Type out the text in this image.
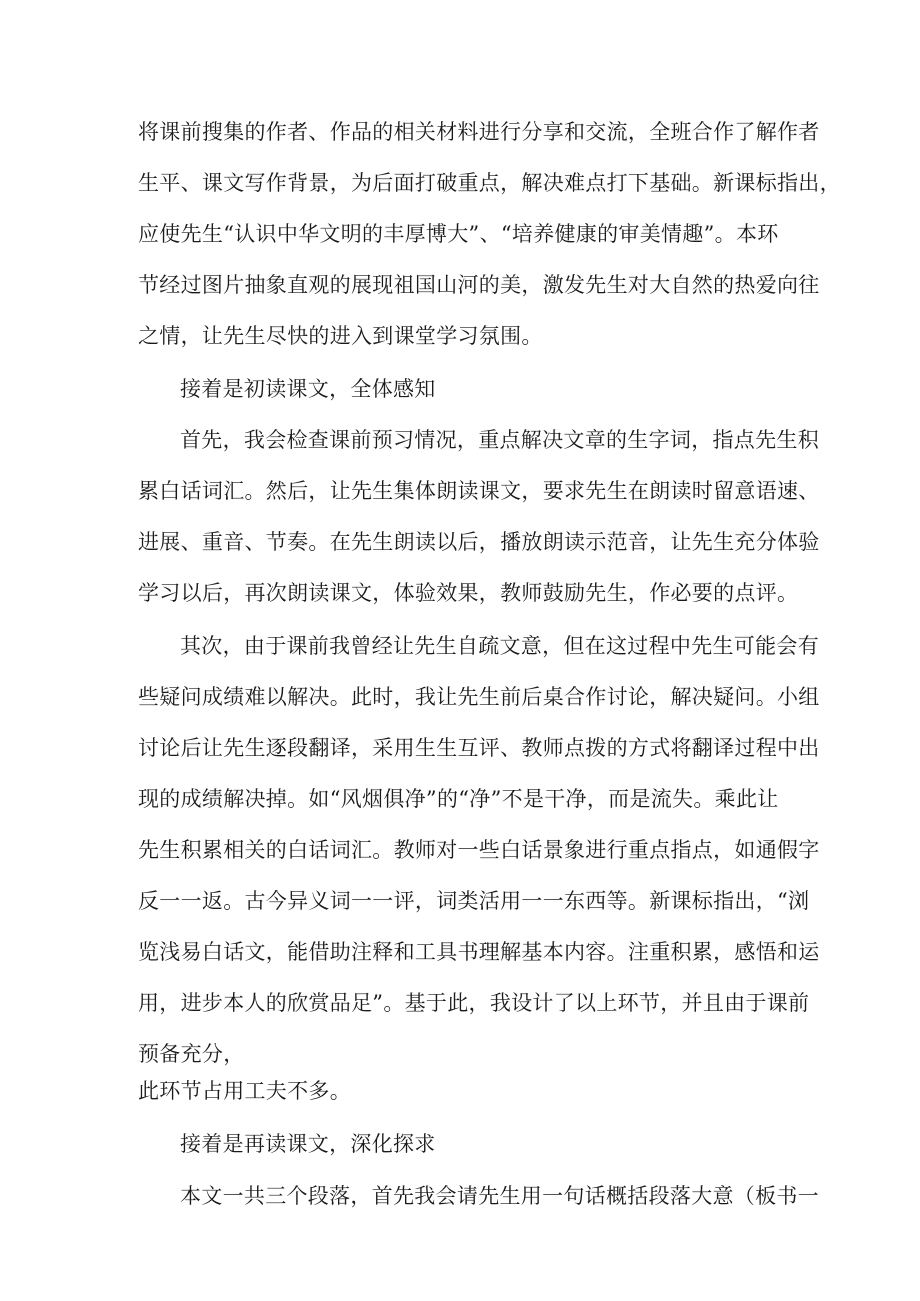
将课前搜集的作者、作品的相关材料进行分享和交流，全班合作了解作者
生平、课文写作背景，为后面打破重点，解决难点打下基础。新课标指出，
应使先生“认识中华文明的丰厚博大”、“培养健康的审美情趣”。本环
节经过图片抽象直观的展现祖国山河的美，激发先生对大自然的热爱向往
之情，让先生尽快的进入到课堂学习氛围。
接着是初读课文，全体感知
首先，我会检查课前预习情况，重点解决文章的生字词，指点先生积
累白话词汇。然后，让先生集体朗读课文，要求先生在朗读时留意语速、
进展、重音、节奏。在先生朗读以后，播放朗读示范音，让先生充分体验
学习以后，再次朗读课文，体验效果，教师鼓励先生，作必要的点评。
其次，由于课前我曾经让先生自疏文意，但在这过程中先生可能会有
些疑问成绩难以解决。此时，我让先生前后桌合作讨论，解决疑问。小组
讨论后让先生逐段翻译，采用生生互评、教师点拨的方式将翻译过程中出
现的成绩解决掉。如“风烟俱净”的“净”不是干净，而是流失。乘此让
先生积累相关的白话词汇。教师对一些白话景象进行重点指点，如通假字
反一一返。古今异义词一一评，词类活用一一东西等。新课标指出，“浏
览浅易白话文，能借助注释和工具书理解基本内容。注重积累，感悟和运
用，进步本人的欣赏品足”。基于此，我设计了以上环节，并且由于课前
预备充分，
此环节占用工夫不多。
接着是再读课文，深化探求
本文一共三个段落，首先我会请先生用一句话概括段落大意（板书一
